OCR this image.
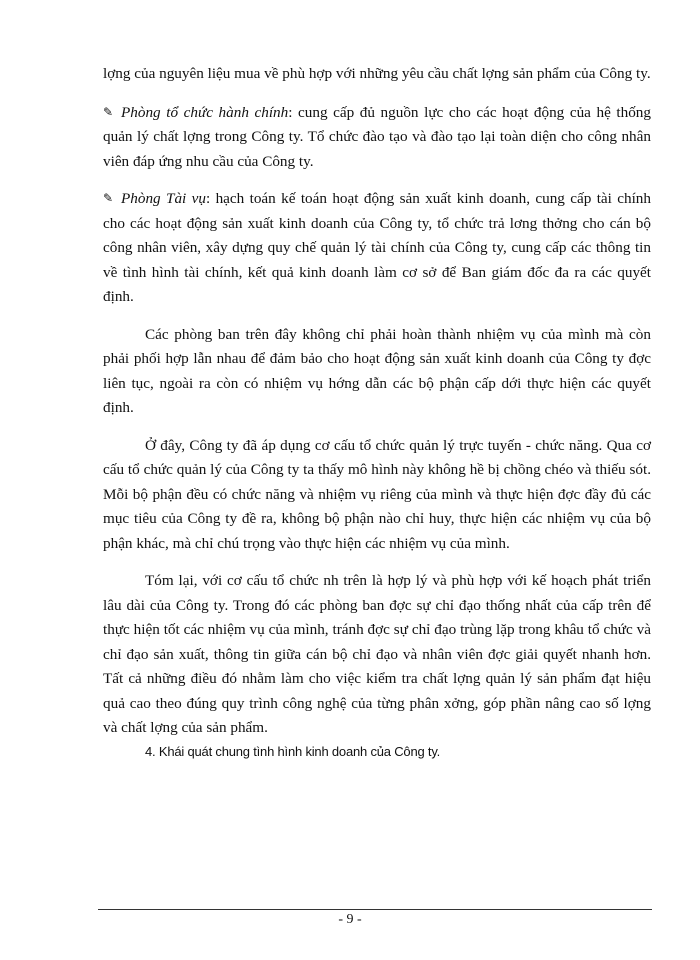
lợng của nguyên liệu mua về phù hợp với những yêu cầu chất lợng sản phẩm của Công ty.

✎ Phòng tổ chức hành chính: cung cấp đủ nguồn lực cho các hoạt động của hệ thống quản lý chất lợng trong Công ty. Tổ chức đào tạo và đào tạo lại toàn diện cho công nhân viên đáp ứng nhu cầu của Công ty.

✎ Phòng Tài vụ: hạch toán kế toán hoạt động sản xuất kinh doanh, cung cấp tài chính cho các hoạt động sản xuất kinh doanh của Công ty, tổ chức trả lơng thởng cho cán bộ công nhân viên, xây dựng quy chế quản lý tài chính của Công ty, cung cấp các thông tin về tình hình tài chính, kết quả kinh doanh làm cơ sở để Ban giám đốc đa ra các quyết định.

Các phòng ban trên đây không chỉ phải hoàn thành nhiệm vụ của mình mà còn phải phối hợp lẫn nhau để đảm bảo cho hoạt động sản xuất kinh doanh của Công ty đợc liên tục, ngoài ra còn có nhiệm vụ hớng dẫn các bộ phận cấp dới thực hiện các quyết định.

Ở đây, Công ty đã áp dụng cơ cấu tổ chức quản lý trực tuyến - chức năng. Qua cơ cấu tổ chức quản lý của Công ty ta thấy mô hình này không hề bị chồng chéo và thiếu sót. Mỗi bộ phận đều có chức năng và nhiệm vụ riêng của mình và thực hiện đợc đầy đủ các mục tiêu của Công ty đề ra, không bộ phận nào chỉ huy, thực hiện các nhiệm vụ của bộ phận khác, mà chỉ chú trọng vào thực hiện các nhiệm vụ của mình.

Tóm lại, với cơ cấu tổ chức nh trên là hợp lý và phù hợp với kế hoạch phát triển lâu dài của Công ty. Trong đó các phòng ban đợc sự chỉ đạo thống nhất của cấp trên để thực hiện tốt các nhiệm vụ của mình, tránh đợc sự chỉ đạo trùng lặp trong khâu tổ chức và chỉ đạo sản xuất, thông tin giữa cán bộ chỉ đạo và nhân viên đợc giải quyết nhanh hơn. Tất cả những điều đó nhằm làm cho việc kiểm tra chất lợng quản lý sản phẩm đạt hiệu quả cao theo đúng quy trình công nghệ của từng phân xởng, góp phần nâng cao số lợng và chất lợng của sản phẩm.

4. Khái quát chung tình hình kinh doanh của Công ty.

- 9 -
